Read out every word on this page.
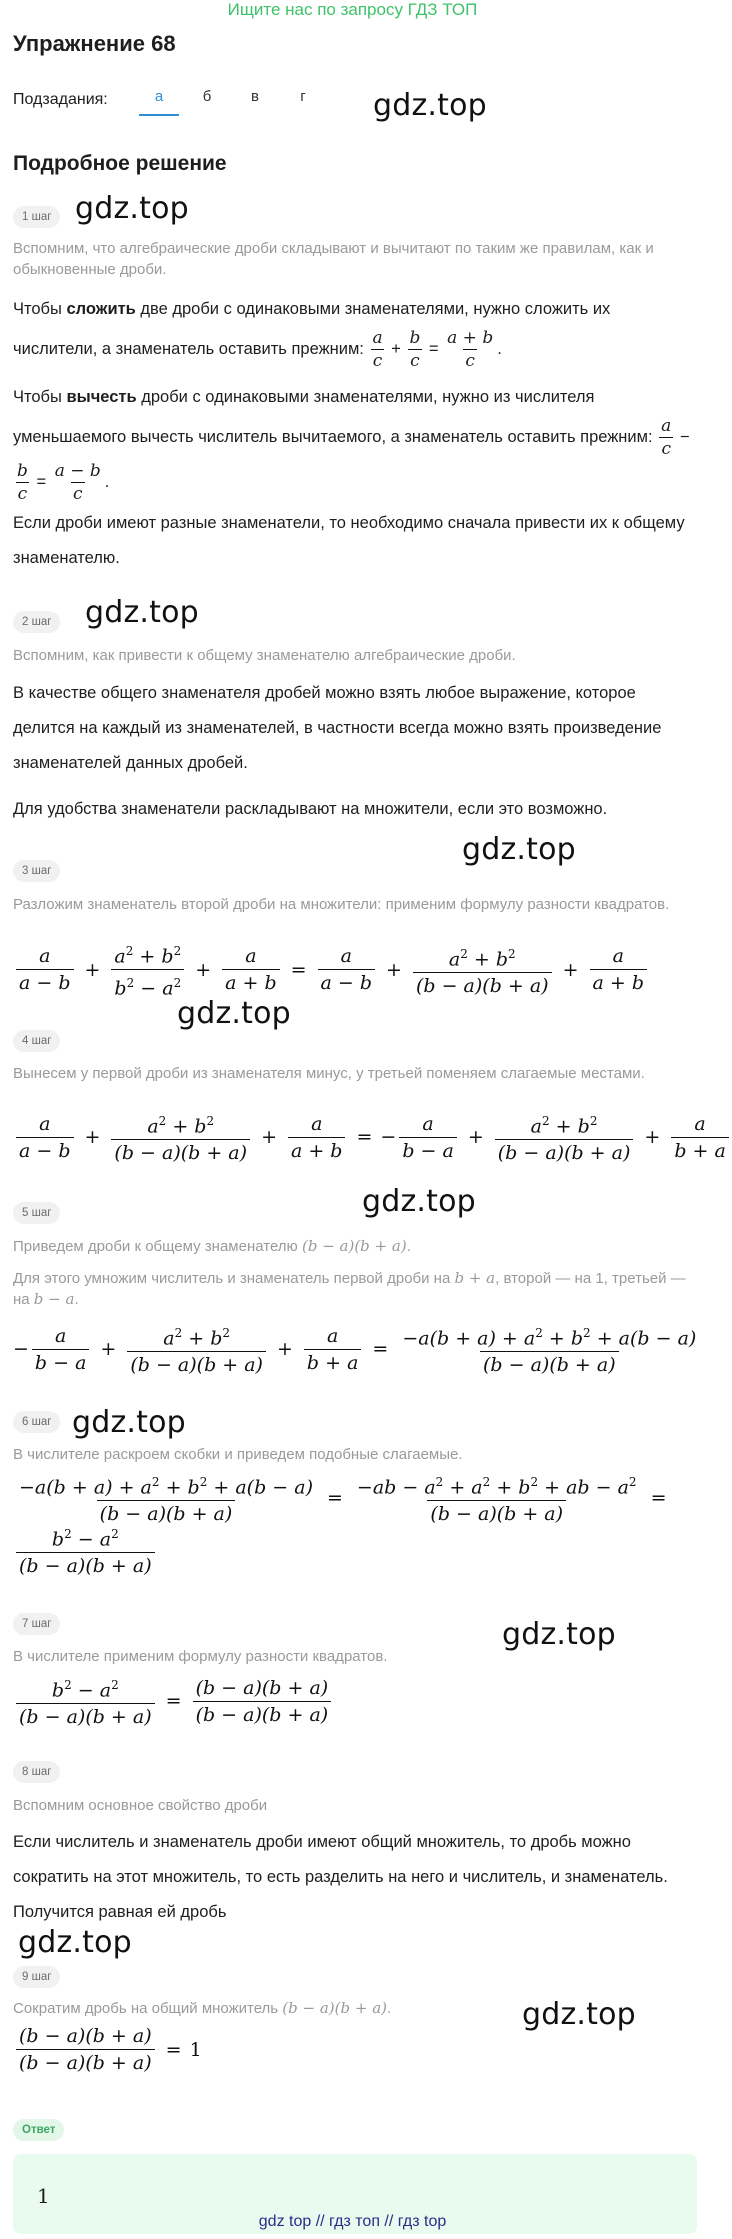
Ищите нас по запросу ГДЗ ТОП
Упражнение 68
Подзадания:	а	б	в	г	gdz.top
Подробное решение
1 шаг gdz.top
Вспомним, что алгебраические дроби складывают и вычитают по таким же правилам, как и обыкновенные дроби.
Чтобы сложить две дроби с одинаковыми знаменателями, нужно сложить их числители, а знаменатель оставить прежним: $\frac{a}{c} + \frac{b}{c} = \frac{a + b}{c}$ .
Чтобы вычесть дроби с одинаковыми знаменателями, нужно из числителя уменьшаемого вычесть числитель вычитаемого, а знаменатель оставить прежним: $\frac{a}{c}$ −
$\frac{b}{c} = \frac{a - b}{c}$ .
Если дроби имеют разные знаменатели, то необходимо сначала привести их к общему знаменателю.
2 шаг	gdz.top
Вспомним, как привести к общему знаменателю алгебраические дроби.
В качестве общего знаменателя дробей можно взять любое выражение, которое делится на каждый из знаменателей, в частности всегда можно взять произведение знаменателей данных дробей.
Для удобства знаменатели раскладывают на множители, если это возможно.
gdz.top
3 шаг
Разложим знаменатель второй дроби на множители: применим формулу разности квадратов.
$\frac{a}{a - b} + \frac{a^2 + b^2}{b^2 - a^2} + \frac{a}{a + b} = \frac{a}{a - b} + \frac{a^2 + b^2}{(b - a)(b + a)} + \frac{a}{a + b}$
gdz.top
4 шаг
Вынесем у первой дроби из знаменателя минус, у третьей поменяем слагаемые местами.
$\frac{a}{a - b} + \frac{a^2 + b^2}{(b - a)(b + a)} + \frac{a}{a + b}$ = − $\frac{a}{b - a} + \frac{a^2 + b^2}{(b - a)(b + a)} + \frac{a}{b + a}$
gdz.top
5 шаг
Приведем дроби к общему знаменателю (b − a)(b + a).
Для этого умножим числитель и знаменатель первой дроби на b + a, второй — на 1, третьей — на b − a.
− $\frac{a}{b - a} + \frac{a^2 + b^2}{(b - a)(b + a)} + \frac{a}{b + a} = \frac{-a(b + a) + a^2 + b^2 + a(b - a)}{(b - a)(b + a)}$
6 шаг gdz.top
В числителе раскроем скобки и приведем подобные слагаемые.
$\frac{-a(b + a) + a^2 + b^2 + a(b - a)}{(b - a)(b + a)} = \frac{-ab - a^2 + a^2 + b^2 + ab - a^2}{(b - a)(b + a)}$ =
$\frac{b^2 - a^2}{(b - a)(b + a)}$
7 шаг	gdz.top
В числителе применим формулу разности квадратов.
$\frac{b^2 - a^2}{(b - a)(b + a)} = \frac{(b - a)(b + a)}{(b - a)(b + a)}$
8 шаг
Вспомним основное свойство дроби
Если числитель и знаменатель дроби имеют общий множитель, то дробь можно сократить на этот множитель, то есть разделить на него и числитель, и знаменатель. Получится равная ей дробь
gdz.top
9 шаг
Сократим дробь на общий множитель (b − a)(b + a).	gdz.top
$\frac{(b - a)(b + a)}{(b - a)(b + a)} = 1$
Ответ
1
gdz top // гдз топ // гдз top
